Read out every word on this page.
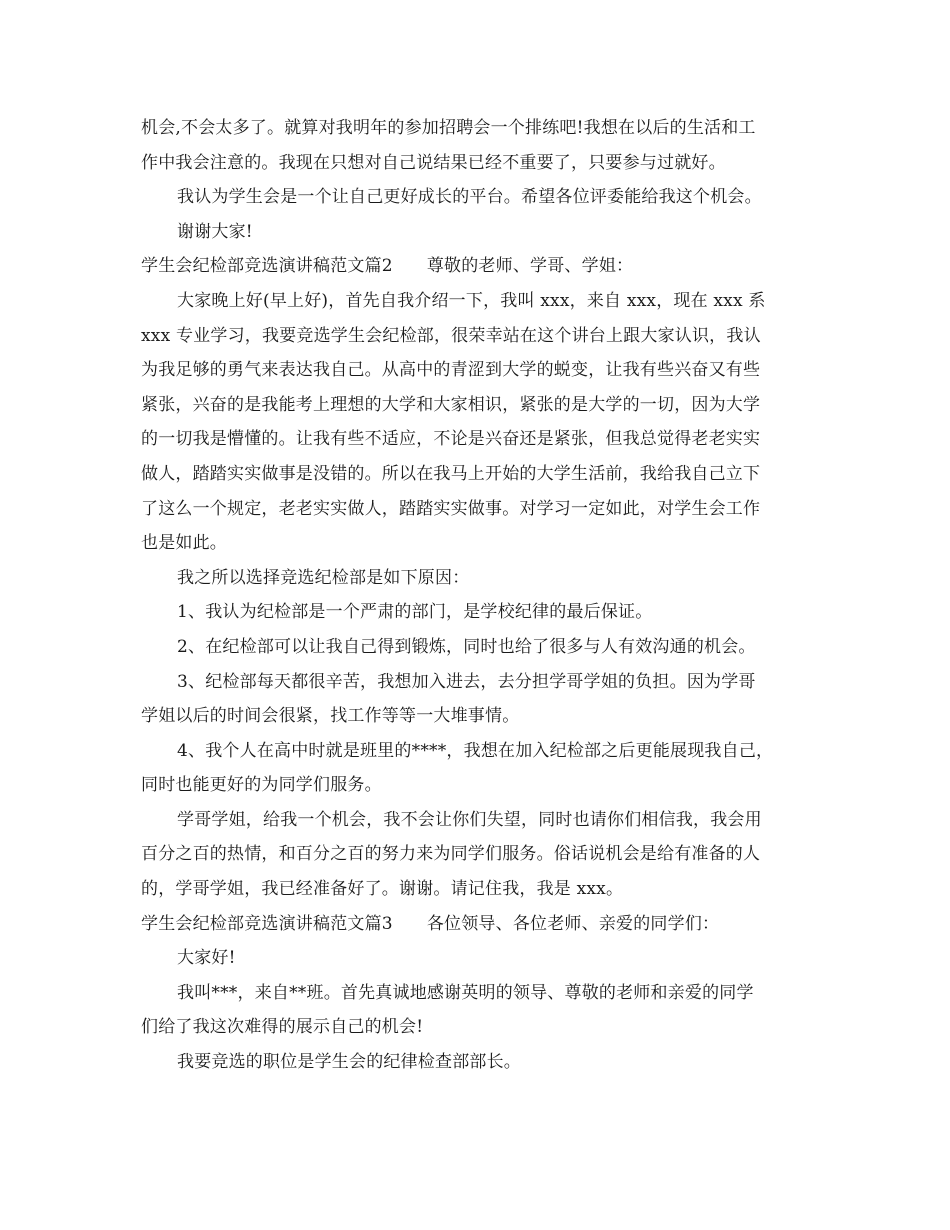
机会,不会太多了。就算对我明年的参加招聘会一个排练吧!我想在以后的生活和工
作中我会注意的。我现在只想对自己说结果已经不重要了，只要参与过就好。
我认为学生会是一个让自己更好成长的平台。希望各位评委能给我这个机会。
谢谢大家!
学生会纪检部竞选演讲稿范文篇2 尊敬的老师、学哥、学姐：
大家晚上好(早上好)，首先自我介绍一下，我叫 xxx，来自 xxx，现在 xxx 系
xxx 专业学习，我要竞选学生会纪检部，很荣幸站在这个讲台上跟大家认识，我认
为我足够的勇气来表达我自己。从高中的青涩到大学的蜕变，让我有些兴奋又有些
紧张，兴奋的是我能考上理想的大学和大家相识，紧张的是大学的一切，因为大学
的一切我是懵懂的。让我有些不适应，不论是兴奋还是紧张，但我总觉得老老实实
做人，踏踏实实做事是没错的。所以在我马上开始的大学生活前，我给我自己立下
了这么一个规定，老老实实做人，踏踏实实做事。对学习一定如此，对学生会工作
也是如此。
我之所以选择竞选纪检部是如下原因：
1、我认为纪检部是一个严肃的部门，是学校纪律的最后保证。
2、在纪检部可以让我自己得到锻炼，同时也给了很多与人有效沟通的机会。
3、纪检部每天都很辛苦，我想加入进去，去分担学哥学姐的负担。因为学哥
学姐以后的时间会很紧，找工作等等一大堆事情。
4、我个人在高中时就是班里的****，我想在加入纪检部之后更能展现我自己，
同时也能更好的为同学们服务。
学哥学姐，给我一个机会，我不会让你们失望，同时也请你们相信我，我会用
百分之百的热情，和百分之百的努力来为同学们服务。俗话说机会是给有准备的人
的，学哥学姐，我已经准备好了。谢谢。请记住我，我是 xxx。
学生会纪检部竞选演讲稿范文篇3 各位领导、各位老师、亲爱的同学们：
大家好!
我叫***，来自**班。首先真诚地感谢英明的领导、尊敬的老师和亲爱的同学
们给了我这次难得的展示自己的机会!
我要竞选的职位是学生会的纪律检查部部长。
